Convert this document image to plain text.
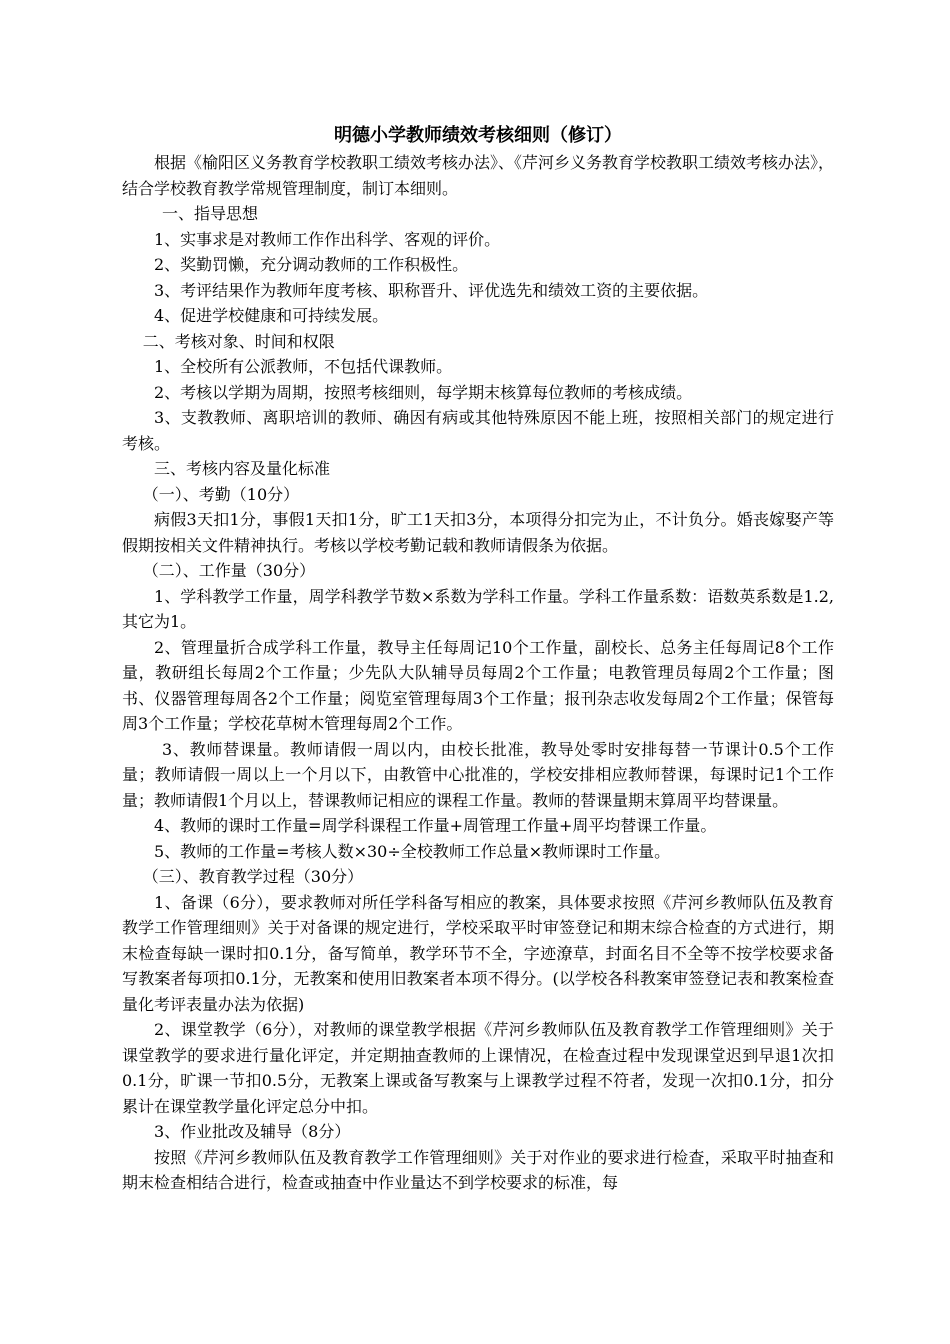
明德小学教师绩效考核细则（修订）

根据《榆阳区义务教育学校教职工绩效考核办法》、《芹河乡义务教育学校教职工绩效考核办法》，结合学校教育教学常规管理制度，制订本细则。

一、指导思想

1、实事求是对教师工作作出科学、客观的评价。

2、奖勤罚懒，充分调动教师的工作积极性。

3、考评结果作为教师年度考核、职称晋升、评优选先和绩效工资的主要依据。

4、促进学校健康和可持续发展。

二、考核对象、时间和权限

1、全校所有公派教师，不包括代课教师。

2、考核以学期为周期，按照考核细则，每学期末核算每位教师的考核成绩。

3、支教教师、离职培训的教师、确因有病或其他特殊原因不能上班，按照相关部门的规定进行考核。

三、考核内容及量化标准

（一）、考勤（10分）

病假3天扣1分，事假1天扣1分，旷工1天扣3分，本项得分扣完为止，不计负分。婚丧嫁娶产等假期按相关文件精神执行。考核以学校考勤记载和教师请假条为依据。

（二）、工作量（30分）

1、学科教学工作量，周学科教学节数×系数为学科工作量。学科工作量系数：语数英系数是1.2,其它为1。

2、管理量折合成学科工作量，教导主任每周记10个工作量，副校长、总务主任每周记8个工作量，教研组长每周2个工作量；少先队大队辅导员每周2个工作量；电教管理员每周2个工作量；图书、仪器管理每周各2个工作量；阅览室管理每周3个工作量；报刊杂志收发每周2个工作量；保管每周3个工作量；学校花草树木管理每周2个工作。

3、教师替课量。教师请假一周以内，由校长批准，教导处零时安排每替一节课计0.5个工作量；教师请假一周以上一个月以下，由教管中心批准的，学校安排相应教师替课，每课时记1个工作量；教师请假1个月以上，替课教师记相应的课程工作量。教师的替课量期末算周平均替课量。

4、教师的课时工作量=周学科课程工作量+周管理工作量+周平均替课工作量。

5、教师的工作量=考核人数×30÷全校教师工作总量×教师课时工作量。

（三）、教育教学过程（30分）

1、备课（6分），要求教师对所任学科备写相应的教案，具体要求按照《芹河乡教师队伍及教育教学工作管理细则》关于对备课的规定进行，学校采取平时审签登记和期末综合检查的方式进行，期末检查每缺一课时扣0.1分，备写简单，教学环节不全，字迹潦草，封面名目不全等不按学校要求备写教案者每项扣0.1分，无教案和使用旧教案者本项不得分。(以学校各科教案审签登记表和教案检查量化考评表量办法为依据)

2、课堂教学（6分），对教师的课堂教学根据《芹河乡教师队伍及教育教学工作管理细则》关于课堂教学的要求进行量化评定，并定期抽查教师的上课情况，在检查过程中发现课堂迟到早退1次扣0.1分，旷课一节扣0.5分，无教案上课或备写教案与上课教学过程不符者，发现一次扣0.1分，扣分累计在课堂教学量化评定总分中扣。

3、作业批改及辅导（8分）

按照《芹河乡教师队伍及教育教学工作管理细则》关于对作业的要求进行检查，采取平时抽查和期末检查相结合进行，检查或抽查中作业量达不到学校要求的标准，每
